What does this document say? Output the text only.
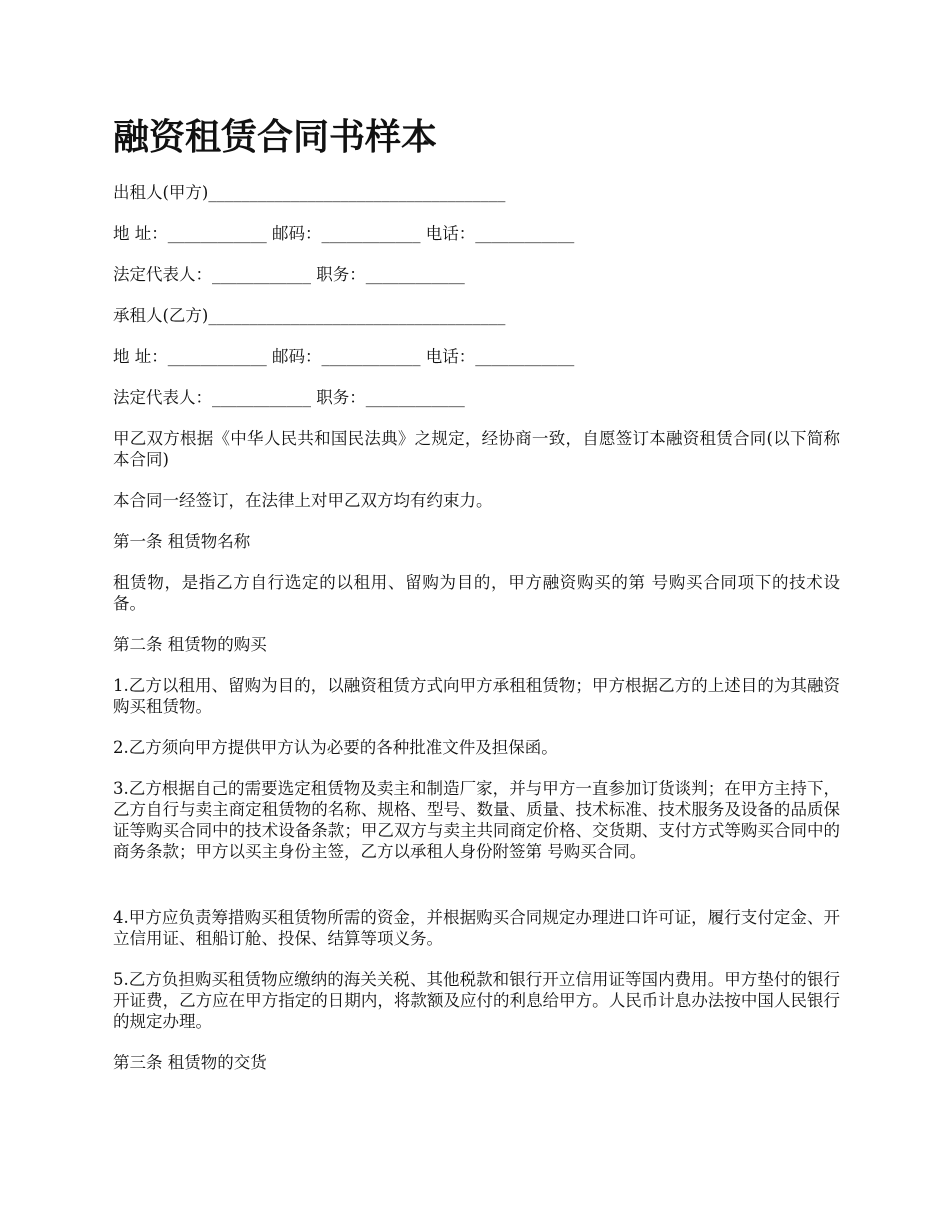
融资租赁合同书样本

出租人(甲方)____________________________________

地 址：____________ 邮码：____________ 电话：____________

法定代表人：____________ 职务：____________

承租人(乙方)____________________________________

地 址：____________ 邮码：____________ 电话：____________

法定代表人：____________ 职务：____________

甲乙双方根据《中华人民共和国民法典》之规定，经协商一致，自愿签订本融资租赁合同(以下简称本合同)

本合同一经签订，在法律上对甲乙双方均有约束力。

第一条 租赁物名称

租赁物，是指乙方自行选定的以租用、留购为目的，甲方融资购买的第 号购买合同项下的技术设备。

第二条 租赁物的购买

1.乙方以租用、留购为目的，以融资租赁方式向甲方承租租赁物；甲方根据乙方的上述目的为其融资购买租赁物。

2.乙方须向甲方提供甲方认为必要的各种批准文件及担保函。

3.乙方根据自己的需要选定租赁物及卖主和制造厂家，并与甲方一直参加订货谈判；在甲方主持下，乙方自行与卖主商定租赁物的名称、规格、型号、数量、质量、技术标准、技术服务及设备的品质保证等购买合同中的技术设备条款；甲乙双方与卖主共同商定价格、交货期、支付方式等购买合同中的商务条款；甲方以买主身份主签，乙方以承租人身份附签第 号购买合同。

4.甲方应负责筹措购买租赁物所需的资金，并根据购买合同规定办理进口许可证，履行支付定金、开立信用证、租船订舱、投保、结算等项义务。

5.乙方负担购买租赁物应缴纳的海关关税、其他税款和银行开立信用证等国内费用。甲方垫付的银行开证费，乙方应在甲方指定的日期内，将款额及应付的利息给甲方。人民币计息办法按中国人民银行的规定办理。

第三条 租赁物的交货
